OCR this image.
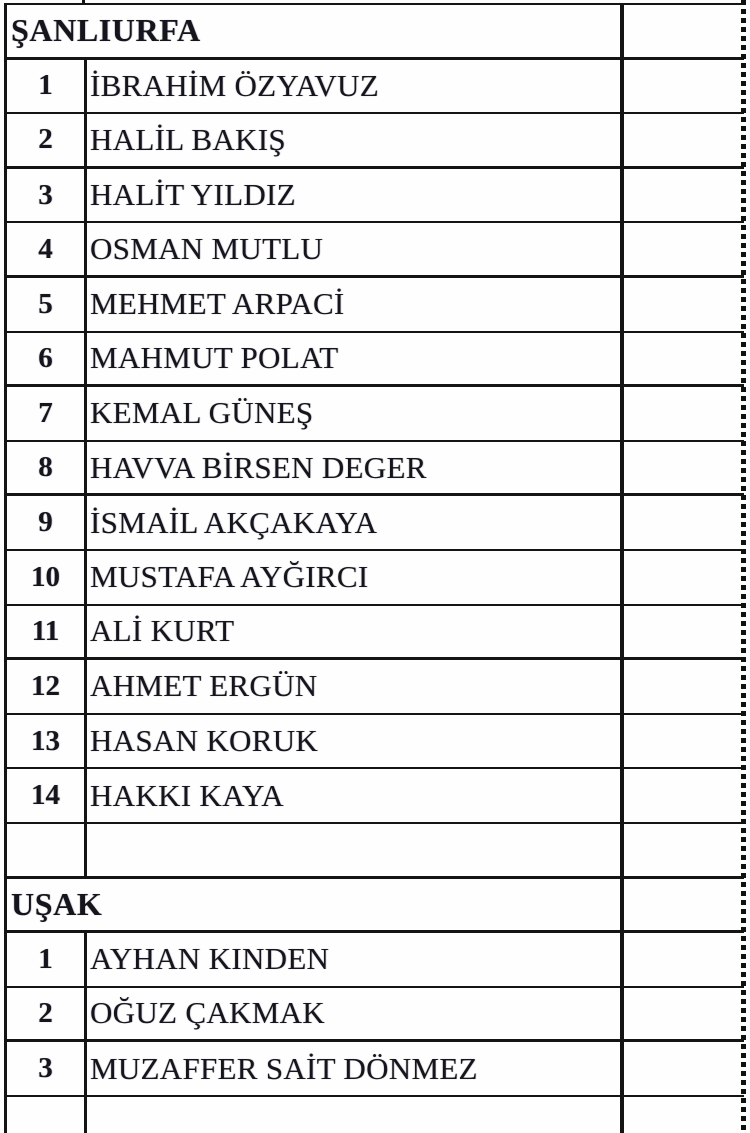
ŞANLIURFA
1 İBRAHİM ÖZYAVUZ
2 HALİL BAKIŞ
3 HALİT YILDIZ
4 OSMAN MUTLU
5 MEHMET ARPACİ
6 MAHMUT POLAT
7 KEMAL GÜNEŞ
8 HAVVA BİRSEN DEGER
9 İSMAİL AKÇAKAYA
10 MUSTAFA AYĞIRCI
11 ALİ KURT
12 AHMET ERGÜN
13 HASAN KORUK
14 HAKKI KAYA
UŞAK
1 AYHAN KINDEN
2 OĞUZ ÇAKMAK
3 MUZAFFER SAİT DÖNMEZ
